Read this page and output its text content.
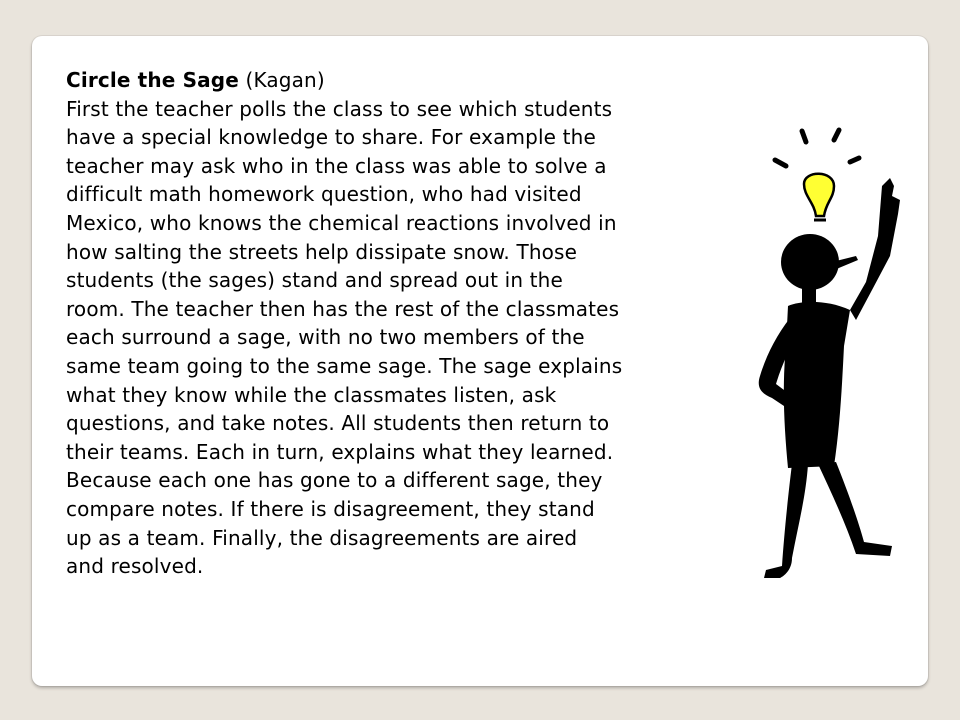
Circle the Sage (Kagan)
First the teacher polls the class to see which students
have a special knowledge to share. For example the
teacher may ask who in the class was able to solve a
difficult math homework question, who had visited
Mexico, who knows the chemical reactions involved in
how salting the streets help dissipate snow. Those
students (the sages) stand and spread out in the
room. The teacher then has the rest of the classmates
each surround a sage, with no two members of the
same team going to the same sage. The sage explains
what they know while the classmates listen, ask
questions, and take notes. All students then return to
their teams. Each in turn, explains what they learned.
Because each one has gone to a different sage, they
compare notes. If there is disagreement, they stand
up as a team. Finally, the disagreements are aired
and resolved.
